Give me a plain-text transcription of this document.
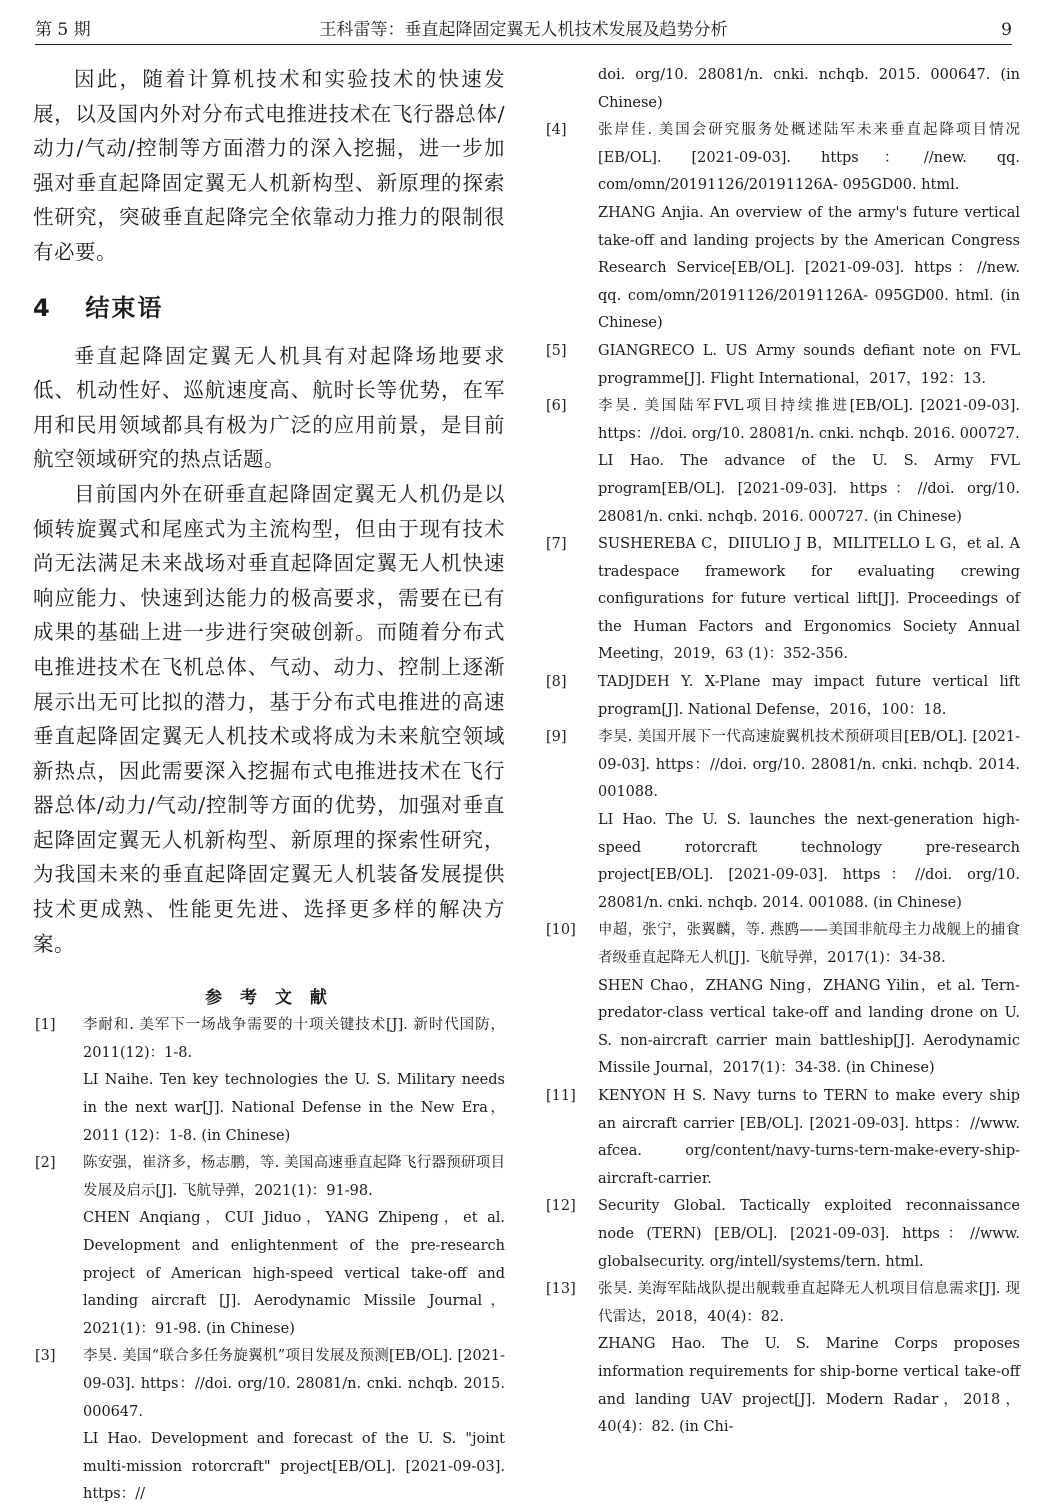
第 5 期	王科雷等：垂直起降固定翼无人机技术发展及趋势分析	9

因此，随着计算机技术和实验技术的快速发展，以及国内外对分布式电推进技术在飞行器总体/动力/气动/控制等方面潜力的深入挖掘，进一步加强对垂直起降固定翼无人机新构型、新原理的探索性研究，突破垂直起降完全依靠动力推力的限制很有必要。

4 结束语

垂直起降固定翼无人机具有对起降场地要求低、机动性好、巡航速度高、航时长等优势，在军用和民用领域都具有极为广泛的应用前景，是目前航空领域研究的热点话题。

目前国内外在研垂直起降固定翼无人机仍是以倾转旋翼式和尾座式为主流构型，但由于现有技术尚无法满足未来战场对垂直起降固定翼无人机快速响应能力、快速到达能力的极高要求，需要在已有成果的基础上进一步进行突破创新。而随着分布式电推进技术在飞机总体、气动、动力、控制上逐渐展示出无可比拟的潜力，基于分布式电推进的高速垂直起降固定翼无人机技术或将成为未来航空领域新热点，因此需要深入挖掘布式电推进技术在飞行器总体/动力/气动/控制等方面的优势，加强对垂直起降固定翼无人机新构型、新原理的探索性研究，为我国未来的垂直起降固定翼无人机装备发展提供技术更成熟、性能更先进、选择更多样的解决方案。

参 考 文 献
[1]	李耐和. 美军下一场战争需要的十项关键技术[J]. 新时代国防，2011(12)：1-8.
LI Naihe. Ten key technologies the U. S. Military needs in the next war[J]. National Defense in the New Era，2011 (12)：1-8. (in Chinese)
[2]	陈安强，崔济多，杨志鹏，等. 美国高速垂直起降飞行器预研项目发展及启示[J]. 飞航导弹，2021(1)：91-98.
CHEN Anqiang，CUI Jiduo，YANG Zhipeng，et al. Development and enlightenment of the pre-research project of American high-speed vertical take-off and landing aircraft [J]. Aerodynamic Missile Journal，2021(1)：91-98. (in Chinese)
[3]	李昊. 美国“联合多任务旋翼机”项目发展及预测[EB/OL]. [2021-09-03]. https：//doi. org/10. 28081/n. cnki. nchqb. 2015. 000647.
LI Hao. Development and forecast of the U. S. "joint multi-mission rotorcraft" project[EB/OL]. [2021-09-03]. https：//
doi. org/10. 28081/n. cnki. nchqb. 2015. 000647. (in Chinese)
[4]	张岸佳. 美国会研究服务处概述陆军未来垂直起降项目情况[EB/OL]. [2021-09-03]. https：//new. qq. com/omn/20191126/20191126A- 095GD00. html.
ZHANG Anjia. An overview of the army's future vertical take-off and landing projects by the American Congress Research Service[EB/OL]. [2021-09-03]. https：//new. qq. com/omn/20191126/20191126A- 095GD00. html. (in Chinese)
[5]	GIANGRECO L. US Army sounds defiant note on FVL programme[J]. Flight International，2017，192：13.
[6]	李昊. 美国陆军FVL项目持续推进[EB/OL]. [2021-09-03]. https：//doi. org/10. 28081/n. cnki. nchqb. 2016. 000727.
LI Hao. The advance of the U. S. Army FVL program[EB/OL]. [2021-09-03]. https：//doi. org/10. 28081/n. cnki. nchqb. 2016. 000727. (in Chinese)
[7]	SUSHEREBA C，DIIULIO J B，MILITELLO L G，et al. A tradespace framework for evaluating crewing configurations for future vertical lift[J]. Proceedings of the Human Factors and Ergonomics Society Annual Meeting，2019，63 (1)：352-356.
[8]	TADJDEH Y. X-Plane may impact future vertical lift program[J]. National Defense，2016，100：18.
[9]	李昊. 美国开展下一代高速旋翼机技术预研项目[EB/OL]. [2021-09-03]. https：//doi. org/10. 28081/n. cnki. nchqb. 2014. 001088.
LI Hao. The U. S. launches the next-generation high-speed rotorcraft technology pre-research project[EB/OL]. [2021-09-03]. https：//doi. org/10. 28081/n. cnki. nchqb. 2014. 001088. (in Chinese)
[10]	申超，张宁，张翼麟，等. 燕鸥——美国非航母主力战舰上的捕食者级垂直起降无人机[J]. 飞航导弹，2017(1)：34-38.
SHEN Chao，ZHANG Ning，ZHANG Yilin，et al. Tern-predator-class vertical take-off and landing drone on U. S. non-aircraft carrier main battleship[J]. Aerodynamic Missile Journal，2017(1)：34-38. (in Chinese)
[11]	KENYON H S. Navy turns to TERN to make every ship an aircraft carrier [EB/OL]. [2021-09-03]. https：//www. afcea. org/content/navy-turns-tern-make-every-ship-aircraft-carrier.
[12]	Security Global. Tactically exploited reconnaissance node (TERN) [EB/OL]. [2021-09-03]. https：//www. globalsecurity. org/intell/systems/tern. html.
[13]	张昊. 美海军陆战队提出舰载垂直起降无人机项目信息需求[J]. 现代雷达，2018，40(4)：82.
ZHANG Hao. The U. S. Marine Corps proposes information requirements for ship-borne vertical take-off and landing UAV project[J]. Modern Radar，2018，40(4)：82. (in Chi-
